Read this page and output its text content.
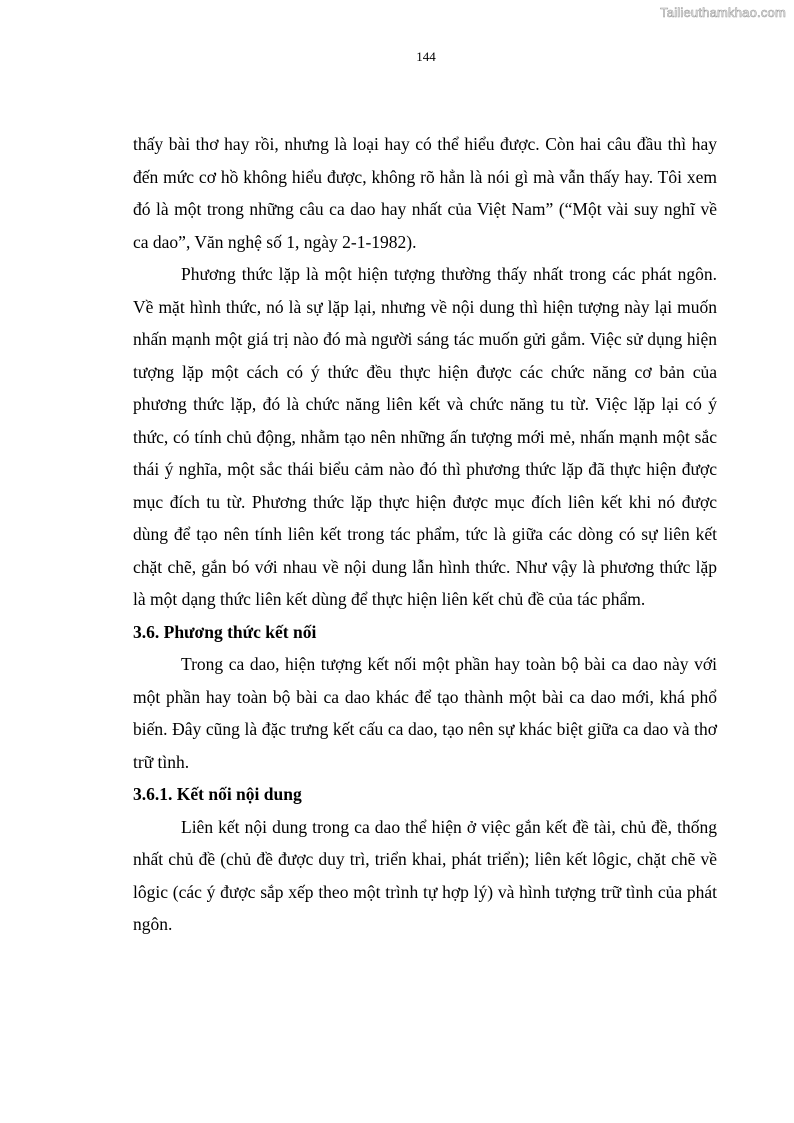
Tailieuthamkhao.com
144

thấy bài thơ hay rồi, nhưng là loại hay có thể hiểu được. Còn hai câu đầu thì hay đến mức cơ hồ không hiểu được, không rõ hẳn là nói gì mà vẫn thấy hay. Tôi xem đó là một trong những câu ca dao hay nhất của Việt Nam” (“Một vài suy nghĩ về ca dao”, Văn nghệ số 1, ngày 2-1-1982).

Phương thức lặp là một hiện tượng thường thấy nhất trong các phát ngôn. Về mặt hình thức, nó là sự lặp lại, nhưng về nội dung thì hiện tượng này lại muốn nhấn mạnh một giá trị nào đó mà người sáng tác muốn gửi gắm. Việc sử dụng hiện tượng lặp một cách có ý thức đều thực hiện được các chức năng cơ bản của phương thức lặp, đó là chức năng liên kết và chức năng tu từ. Việc lặp lại có ý thức, có tính chủ động, nhằm tạo nên những ấn tượng mới mẻ, nhấn mạnh một sắc thái ý nghĩa, một sắc thái biểu cảm nào đó thì phương thức lặp đã thực hiện được mục đích tu từ. Phương thức lặp thực hiện được mục đích liên kết khi nó được dùng để tạo nên tính liên kết trong tác phẩm, tức là giữa các dòng có sự liên kết chặt chẽ, gắn bó với nhau về nội dung lẫn hình thức. Như vậy là phương thức lặp là một dạng thức liên kết dùng để thực hiện liên kết chủ đề của tác phẩm.

3.6. Phương thức kết nối

Trong ca dao, hiện tượng kết nối một phần hay toàn bộ bài ca dao này với một phần hay toàn bộ bài ca dao khác để tạo thành một bài ca dao mới, khá phổ biến. Đây cũng là đặc trưng kết cấu ca dao, tạo nên sự khác biệt giữa ca dao và thơ trữ tình.

3.6.1. Kết nối nội dung

Liên kết nội dung trong ca dao thể hiện ở việc gắn kết đề tài, chủ đề, thống nhất chủ đề (chủ đề được duy trì, triển khai, phát triển); liên kết lôgic, chặt chẽ về lôgic (các ý được sắp xếp theo một trình tự hợp lý) và hình tượng trữ tình của phát ngôn.
